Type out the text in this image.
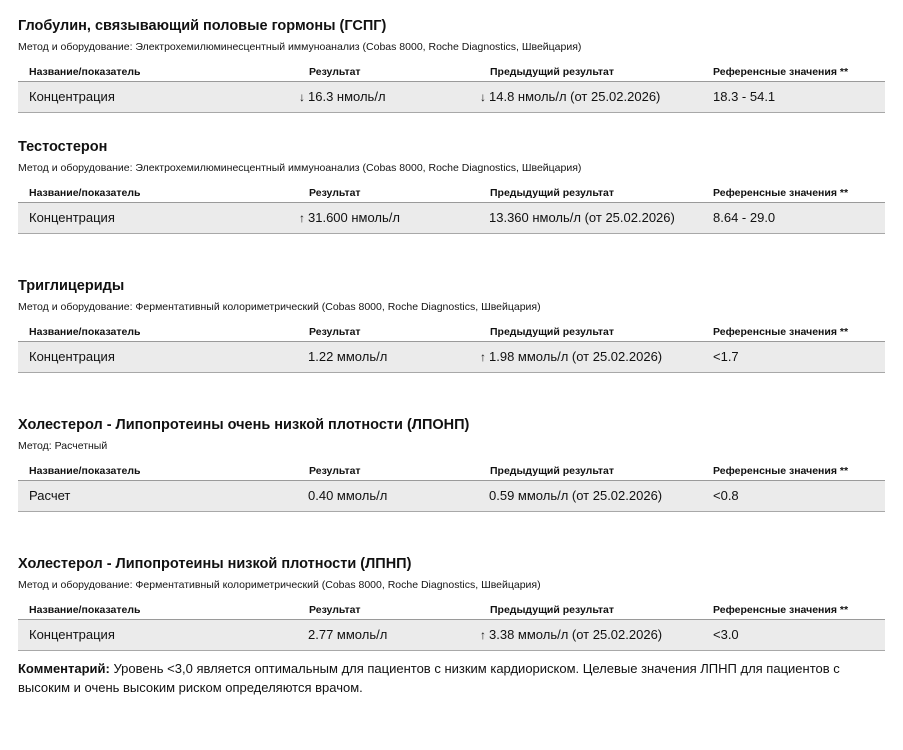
Глобулин, связывающий половые гормоны (ГСПГ)
Метод и оборудование: Электрохемилюминесцентный иммуноанализ (Cobas 8000, Roche Diagnostics, Швейцария)
Название/показатель	Результат	Предыдущий результат	Референсные значения **
Концентрация	↓ 16.3 нмоль/л	↓ 14.8 нмоль/л (от 25.02.2026)	18.3 - 54.1
Тестостерон
Метод и оборудование: Электрохемилюминесцентный иммуноанализ (Cobas 8000, Roche Diagnostics, Швейцария)
Название/показатель	Результат	Предыдущий результат	Референсные значения **
Концентрация	↑ 31.600 нмоль/л	13.360 нмоль/л (от 25.02.2026)	8.64 - 29.0
Триглицериды
Метод и оборудование: Ферментативный колориметрический (Cobas 8000, Roche Diagnostics, Швейцария)
Название/показатель	Результат	Предыдущий результат	Референсные значения **
Концентрация	1.22 ммоль/л	↑ 1.98 ммоль/л (от 25.02.2026)	<1.7
Холестерол - Липопротеины очень низкой плотности (ЛПОНП)
Метод: Расчетный
Название/показатель	Результат	Предыдущий результат	Референсные значения **
Расчет	0.40 ммоль/л	0.59 ммоль/л (от 25.02.2026)	<0.8
Холестерол - Липопротеины низкой плотности (ЛПНП)
Метод и оборудование: Ферментативный колориметрический (Cobas 8000, Roche Diagnostics, Швейцария)
Название/показатель	Результат	Предыдущий результат	Референсные значения **
Концентрация	2.77 ммоль/л	↑ 3.38 ммоль/л (от 25.02.2026)	<3.0
Комментарий: Уровень <3,0 является оптимальным для пациентов с низким кардиориском. Целевые значения ЛПНП для пациентов с высоким и очень высоким риском определяются врачом.
